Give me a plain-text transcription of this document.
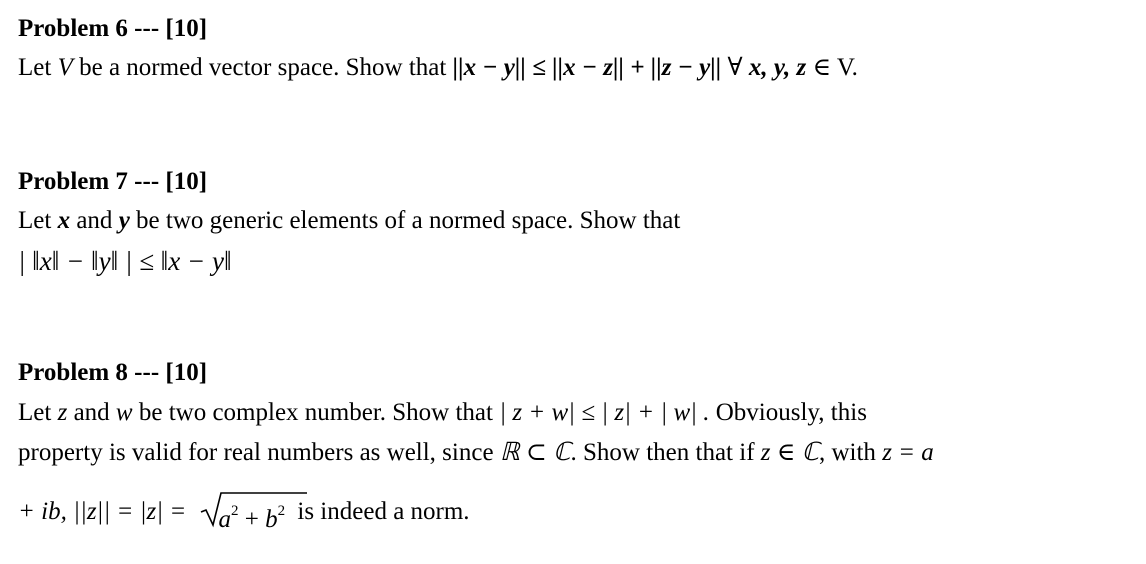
Problem 6 --- [10]
Let V be a normed vector space. Show that ||x − y|| ≤ ||x − z|| + ||z − y|| ∀ x, y, z ∈ V.
Problem 7 --- [10]
Let x and y be two generic elements of a normed space. Show that
| ‖x‖ − ‖y‖ | ≤ ‖x − y‖
Problem 8 --- [10]
Let z and w be two complex number. Show that | z + w| ≤ | z| + | w| . Obviously, this
property is valid for real numbers as well, since ℝ ⊂ ℂ. Show then that if z ∈ ℂ, with z = a
+ ib, ||z|| = |z| =
$a^2 + b^2$ is indeed a norm.
